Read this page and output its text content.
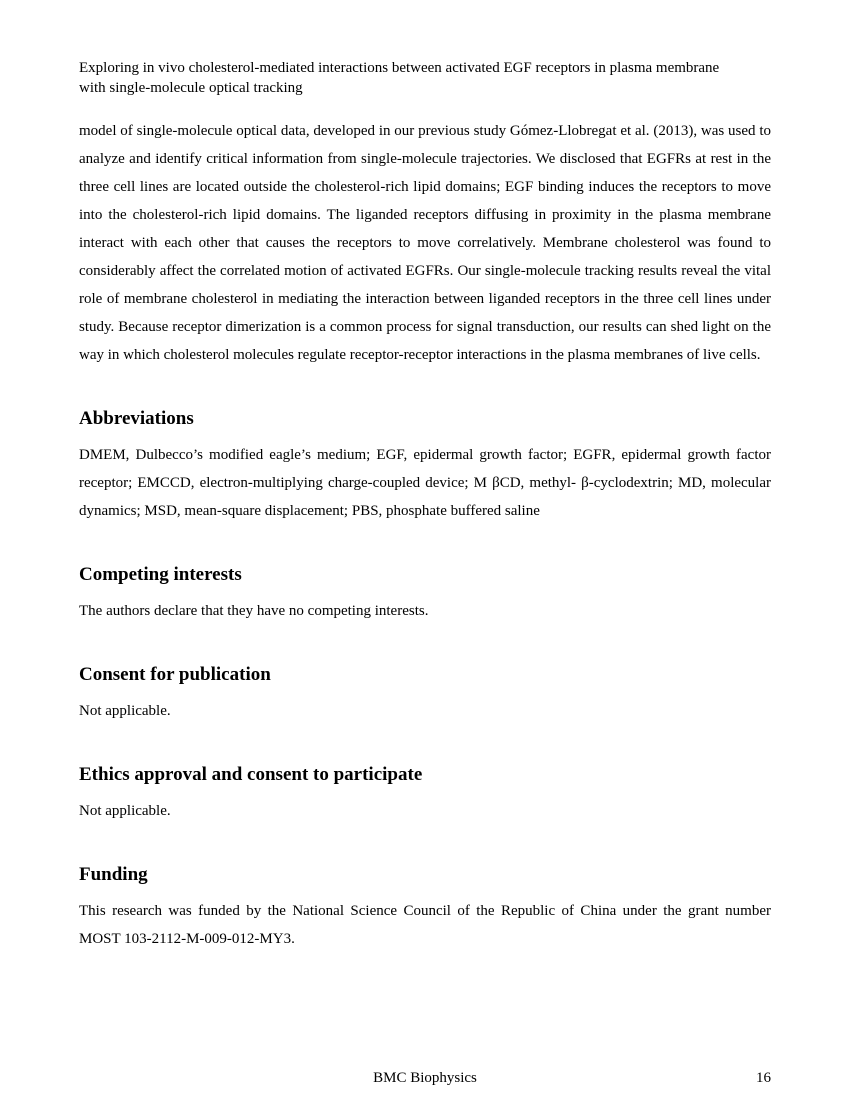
Exploring in vivo cholesterol-mediated interactions between activated EGF receptors in plasma membrane with single-molecule optical tracking

model of single-molecule optical data, developed in our previous study Gómez-Llobregat et al. (2013), was used to analyze and identify critical information from single-molecule trajectories. We disclosed that EGFRs at rest in the three cell lines are located outside the cholesterol-rich lipid domains; EGF binding induces the receptors to move into the cholesterol-rich lipid domains. The liganded receptors diffusing in proximity in the plasma membrane interact with each other that causes the receptors to move correlatively. Membrane cholesterol was found to considerably affect the correlated motion of activated EGFRs. Our single-molecule tracking results reveal the vital role of membrane cholesterol in mediating the interaction between liganded receptors in the three cell lines under study. Because receptor dimerization is a common process for signal transduction, our results can shed light on the way in which cholesterol molecules regulate receptor-receptor interactions in the plasma membranes of live cells.

Abbreviations

DMEM, Dulbecco’s modified eagle’s medium; EGF, epidermal growth factor; EGFR, epidermal growth factor receptor; EMCCD, electron-multiplying charge-coupled device; M βCD, methyl- β-cyclodextrin; MD, molecular dynamics; MSD, mean-square displacement; PBS, phosphate buffered saline

Competing interests

The authors declare that they have no competing interests.

Consent for publication

Not applicable.

Ethics approval and consent to participate

Not applicable.

Funding

This research was funded by the National Science Council of the Republic of China under the grant number MOST 103-2112-M-009-012-MY3.

BMC Biophysics	16
